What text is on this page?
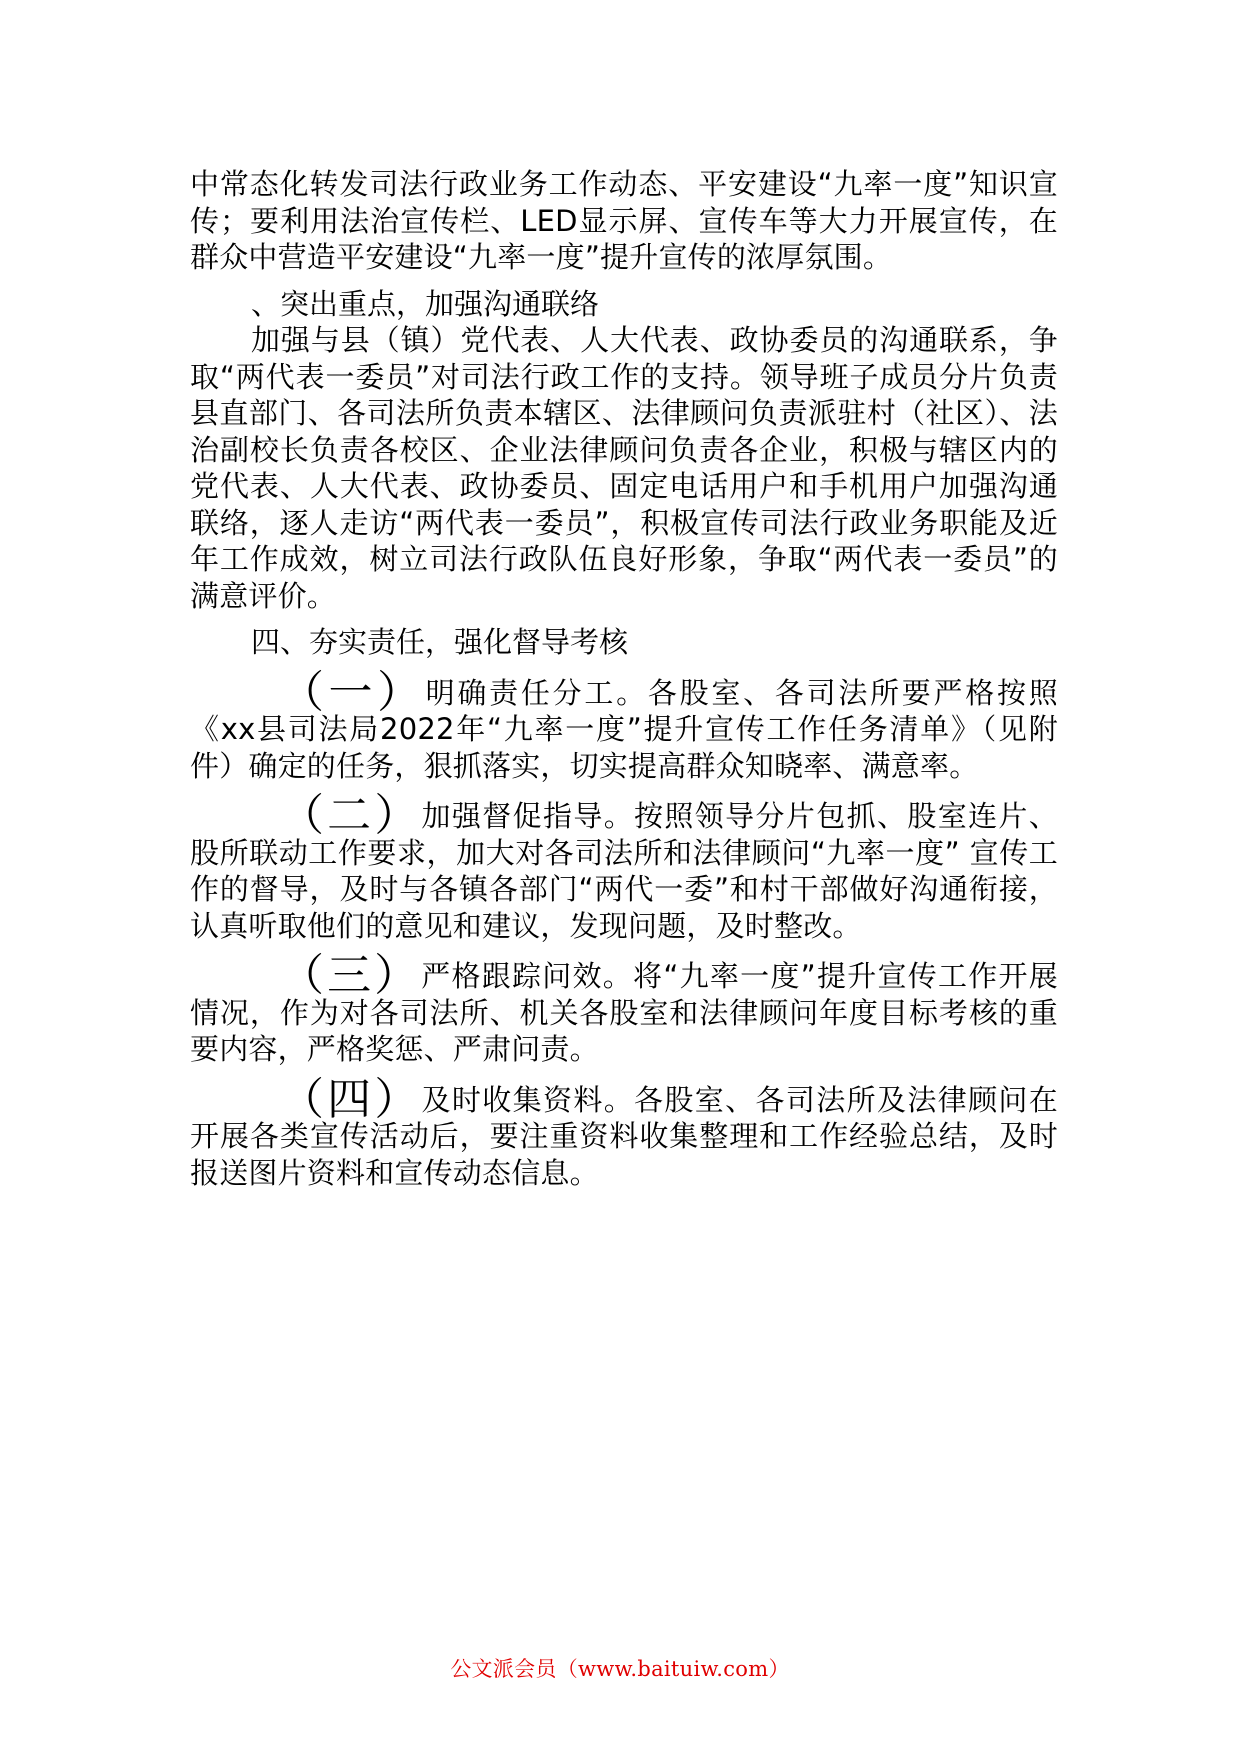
中常态化转发司法行政业务工作动态、平安建设“九率一度”知识宣传；要利用法治宣传栏、LED显示屏、宣传车等大力开展宣传，在群众中营造平安建设“九率一度”提升宣传的浓厚氛围。

、突出重点，加强沟通联络

加强与县（镇）党代表、人大代表、政协委员的沟通联系，争取“两代表一委员”对司法行政工作的支持。领导班子成员分片负责县直部门、各司法所负责本辖区、法律顾问负责派驻村（社区）、法治副校长负责各校区、企业法律顾问负责各企业，积极与辖区内的党代表、人大代表、政协委员、固定电话用户和手机用户加强沟通联络，逐人走访“两代表一委员”，积极宣传司法行政业务职能及近年工作成效，树立司法行政队伍良好形象，争取“两代表一委员”的满意评价。

四、夯实责任，强化督导考核

（一）明确责任分工。各股室、各司法所要严格按照《xx县司法局2022年“九率一度”提升宣传工作任务清单》（见附件）确定的任务，狠抓落实，切实提高群众知晓率、满意率。

（二）加强督促指导。按照领导分片包抓、股室连片、股所联动工作要求，加大对各司法所和法律顾问“九率一度” 宣传工作的督导，及时与各镇各部门“两代一委”和村干部做好沟通衔接，认真听取他们的意见和建议，发现问题，及时整改。

（三）严格跟踪问效。将“九率一度”提升宣传工作开展情况，作为对各司法所、机关各股室和法律顾问年度目标考核的重要内容，严格奖惩、严肃问责。

（四）及时收集资料。各股室、各司法所及法律顾问在开展各类宣传活动后，要注重资料收集整理和工作经验总结，及时报送图片资料和宣传动态信息。

公文派会员（www.baituiw.com）
